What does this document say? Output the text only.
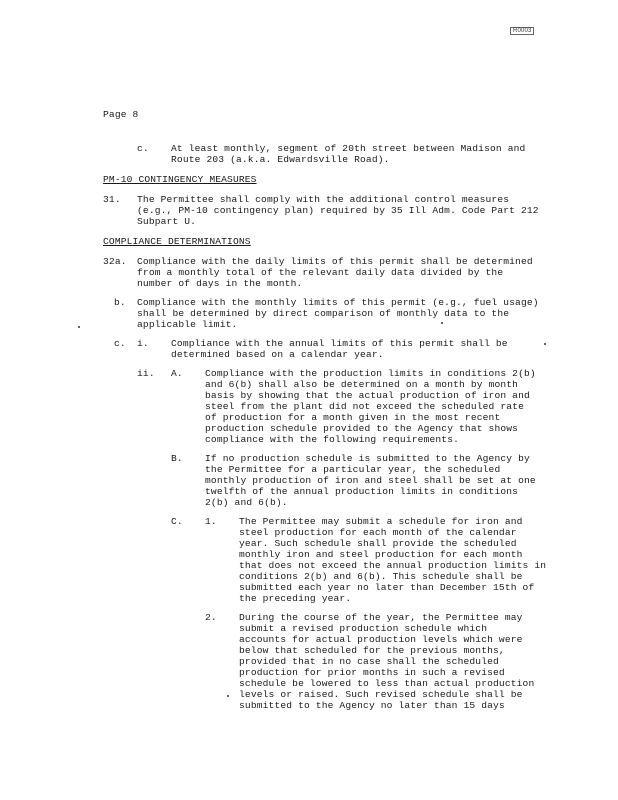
R0003
Page 8
c. At least monthly, segment of 20th street between Madison and
Route 203 (a.k.a. Edwardsville Road).
PM-10 CONTINGENCY MEASURES
31. The Permittee shall comply with the additional control measures
(e.g., PM-10 contingency plan) required by 35 Ill Adm. Code Part 212
Subpart U.
COMPLIANCE DETERMINATIONS
32a. Compliance with the daily limits of this permit shall be determined
from a monthly total of the relevant daily data divided by the
number of days in the month.
b. Compliance with the monthly limits of this permit (e.g., fuel usage)
shall be determined by direct comparison of monthly data to the
applicable limit.
c. i. Compliance with the annual limits of this permit shall be
determined based on a calendar year.
ii. A. Compliance with the production limits in conditions 2(b)
and 6(b) shall also be determined on a month by month
basis by showing that the actual production of iron and
steel from the plant did not exceed the scheduled rate
of production for a month given in the most recent
production schedule provided to the Agency that shows
compliance with the following requirements.
B. If no production schedule is submitted to the Agency by
the Permittee for a particular year, the scheduled
monthly production of iron and steel shall be set at one
twelfth of the annual production limits in conditions
2(b) and 6(b).
C. 1. The Permittee may submit a schedule for iron and
steel production for each month of the calendar
year. Such schedule shall provide the scheduled
monthly iron and steel production for each month
that does not exceed the annual production limits in
conditions 2(b) and 6(b). This schedule shall be
submitted each year no later than December 15th of
the preceding year.
2. During the course of the year, the Permittee may
submit a revised production schedule which
accounts for actual production levels which were
below that scheduled for the previous months,
provided that in no case shall the scheduled
production for prior months in such a revised
schedule be lowered to less than actual production
levels or raised. Such revised schedule shall be
submitted to the Agency no later than 15 days
